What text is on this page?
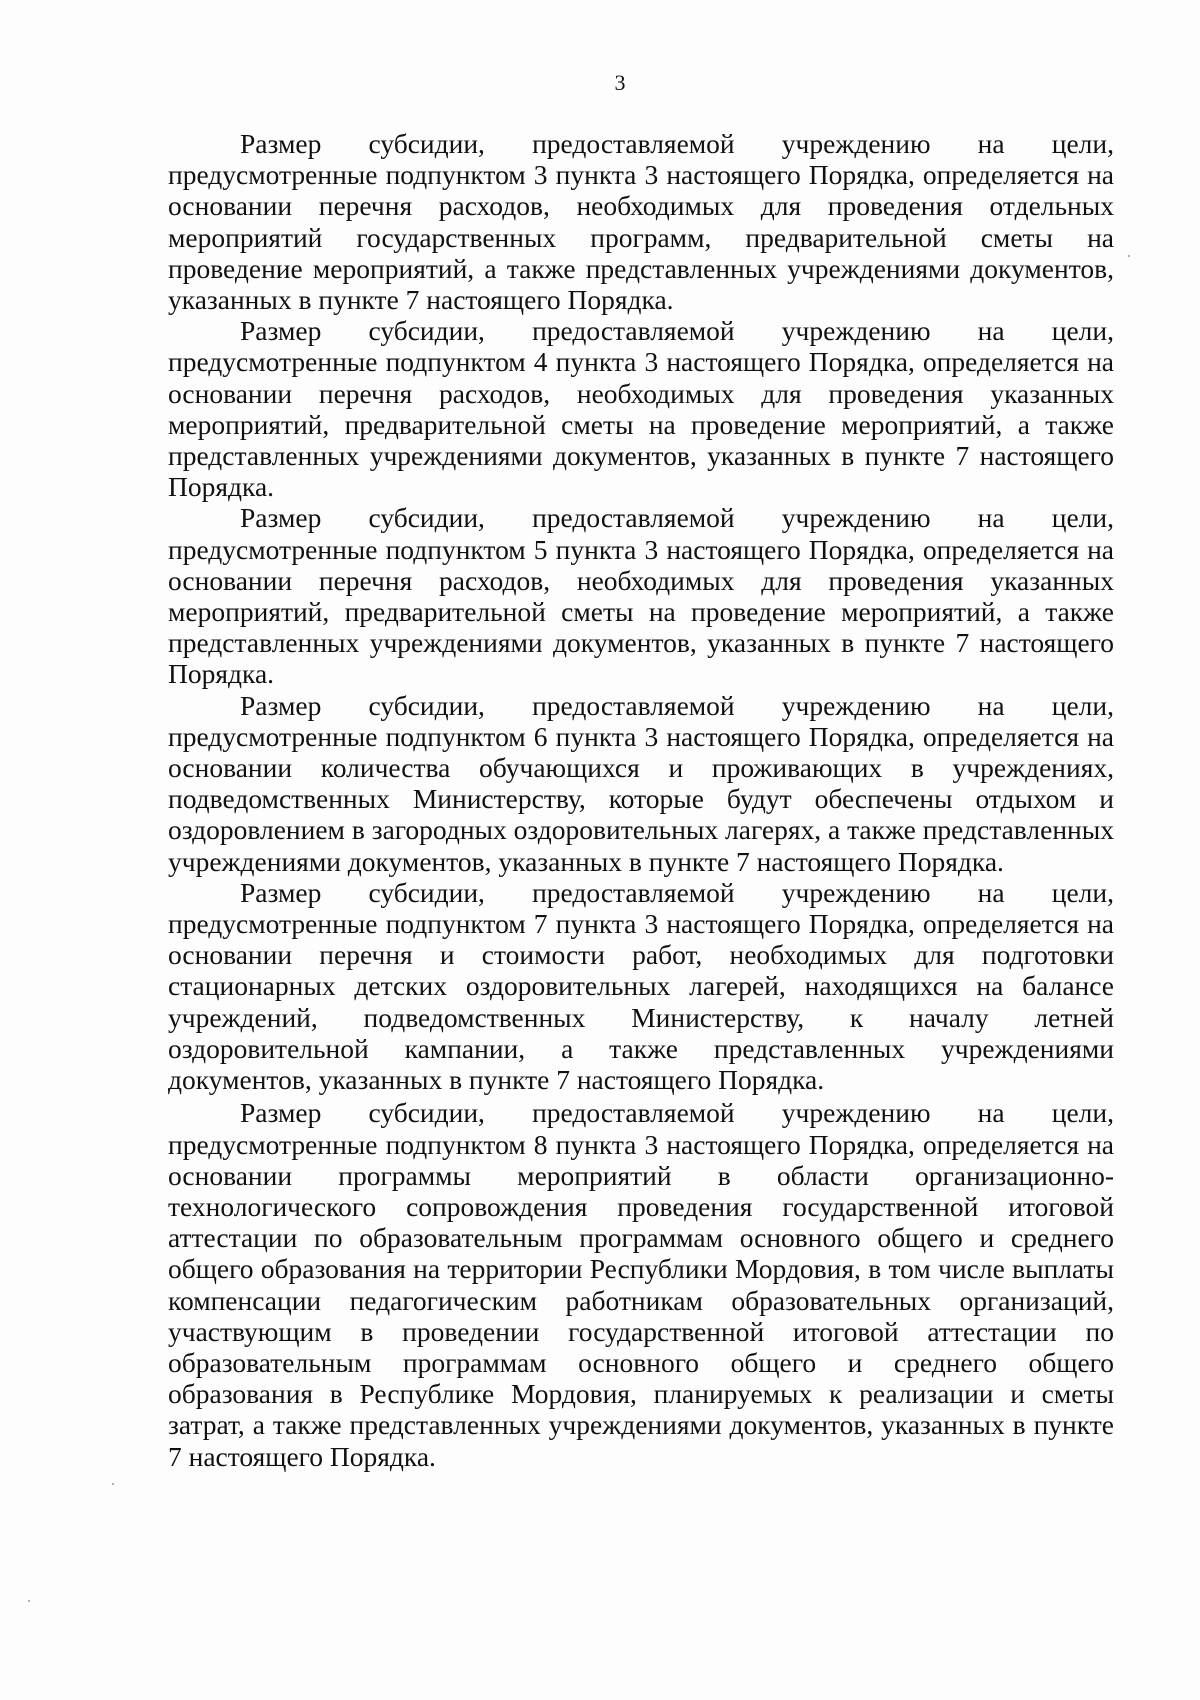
3

Размер субсидии, предоставляемой учреждению на цели, предусмотренные подпунктом 3 пункта 3 настоящего Порядка, определяется на основании перечня расходов, необходимых для проведения отдельных мероприятий государственных программ, предварительной сметы на проведение мероприятий, а также представленных учреждениями документов, указанных в пункте 7 настоящего Порядка.

Размер субсидии, предоставляемой учреждению на цели, предусмотренные подпунктом 4 пункта 3 настоящего Порядка, определяется на основании перечня расходов, необходимых для проведения указанных мероприятий, предварительной сметы на проведение мероприятий, а также представленных учреждениями документов, указанных в пункте 7 настоящего Порядка.

Размер субсидии, предоставляемой учреждению на цели, предусмотренные подпунктом 5 пункта 3 настоящего Порядка, определяется на основании перечня расходов, необходимых для проведения указанных мероприятий, предварительной сметы на проведение мероприятий, а также представленных учреждениями документов, указанных в пункте 7 настоящего Порядка.

Размер субсидии, предоставляемой учреждению на цели, предусмотренные подпунктом 6 пункта 3 настоящего Порядка, определяется на основании количества обучающихся и проживающих в учреждениях, подведомственных Министерству, которые будут обеспечены отдыхом и оздоровлением в загородных оздоровительных лагерях, а также представленных учреждениями документов, указанных в пункте 7 настоящего Порядка.

Размер субсидии, предоставляемой учреждению на цели, предусмотренные подпунктом 7 пункта 3 настоящего Порядка, определяется на основании перечня и стоимости работ, необходимых для подготовки стационарных детских оздоровительных лагерей, находящихся на балансе учреждений, подведомственных Министерству, к началу летней оздоровительной кампании, а также представленных учреждениями документов, указанных в пункте 7 настоящего Порядка.

Размер субсидии, предоставляемой учреждению на цели, предусмотренные подпунктом 8 пункта 3 настоящего Порядка, определяется на основании программы мероприятий в области организационно-технологического сопровождения проведения государственной итоговой аттестации по образовательным программам основного общего и среднего общего образования на территории Республики Мордовия, в том числе выплаты компенсации педагогическим работникам образовательных организаций, участвующим в проведении государственной итоговой аттестации по образовательным программам основного общего и среднего общего образования в Республике Мордовия, планируемых к реализации и сметы затрат, а также представленных учреждениями документов, указанных в пункте 7 настоящего Порядка.
